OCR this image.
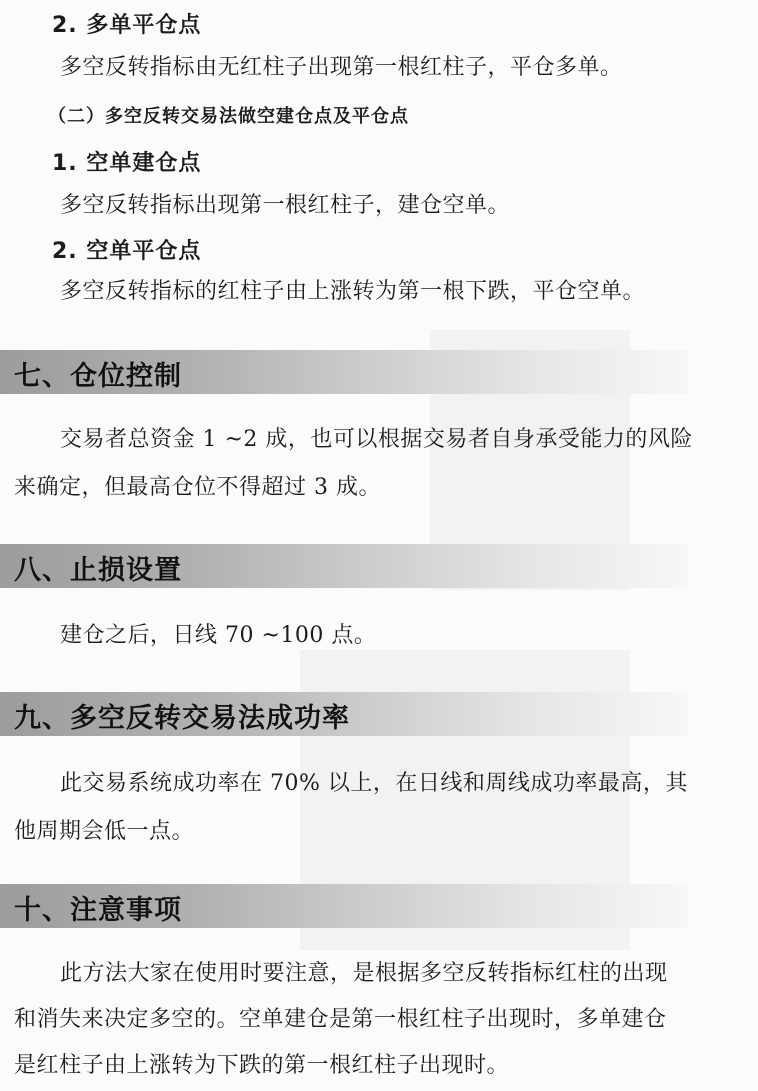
2. 多单平仓点
多空反转指标由无红柱子出现第一根红柱子，平仓多单。
（二）多空反转交易法做空建仓点及平仓点
1. 空单建仓点
多空反转指标出现第一根红柱子，建仓空单。
2. 空单平仓点
多空反转指标的红柱子由上涨转为第一根下跌，平仓空单。
七、仓位控制
交易者总资金 1 ~2 成，也可以根据交易者自身承受能力的风险
来确定，但最高仓位不得超过 3 成。
八、止损设置
建仓之后，日线 70 ~100 点。
九、多空反转交易法成功率
此交易系统成功率在 70% 以上，在日线和周线成功率最高，其
他周期会低一点。
十、注意事项
此方法大家在使用时要注意，是根据多空反转指标红柱的出现
和消失来决定多空的。空单建仓是第一根红柱子出现时，多单建仓
是红柱子由上涨转为下跌的第一根红柱子出现时。
